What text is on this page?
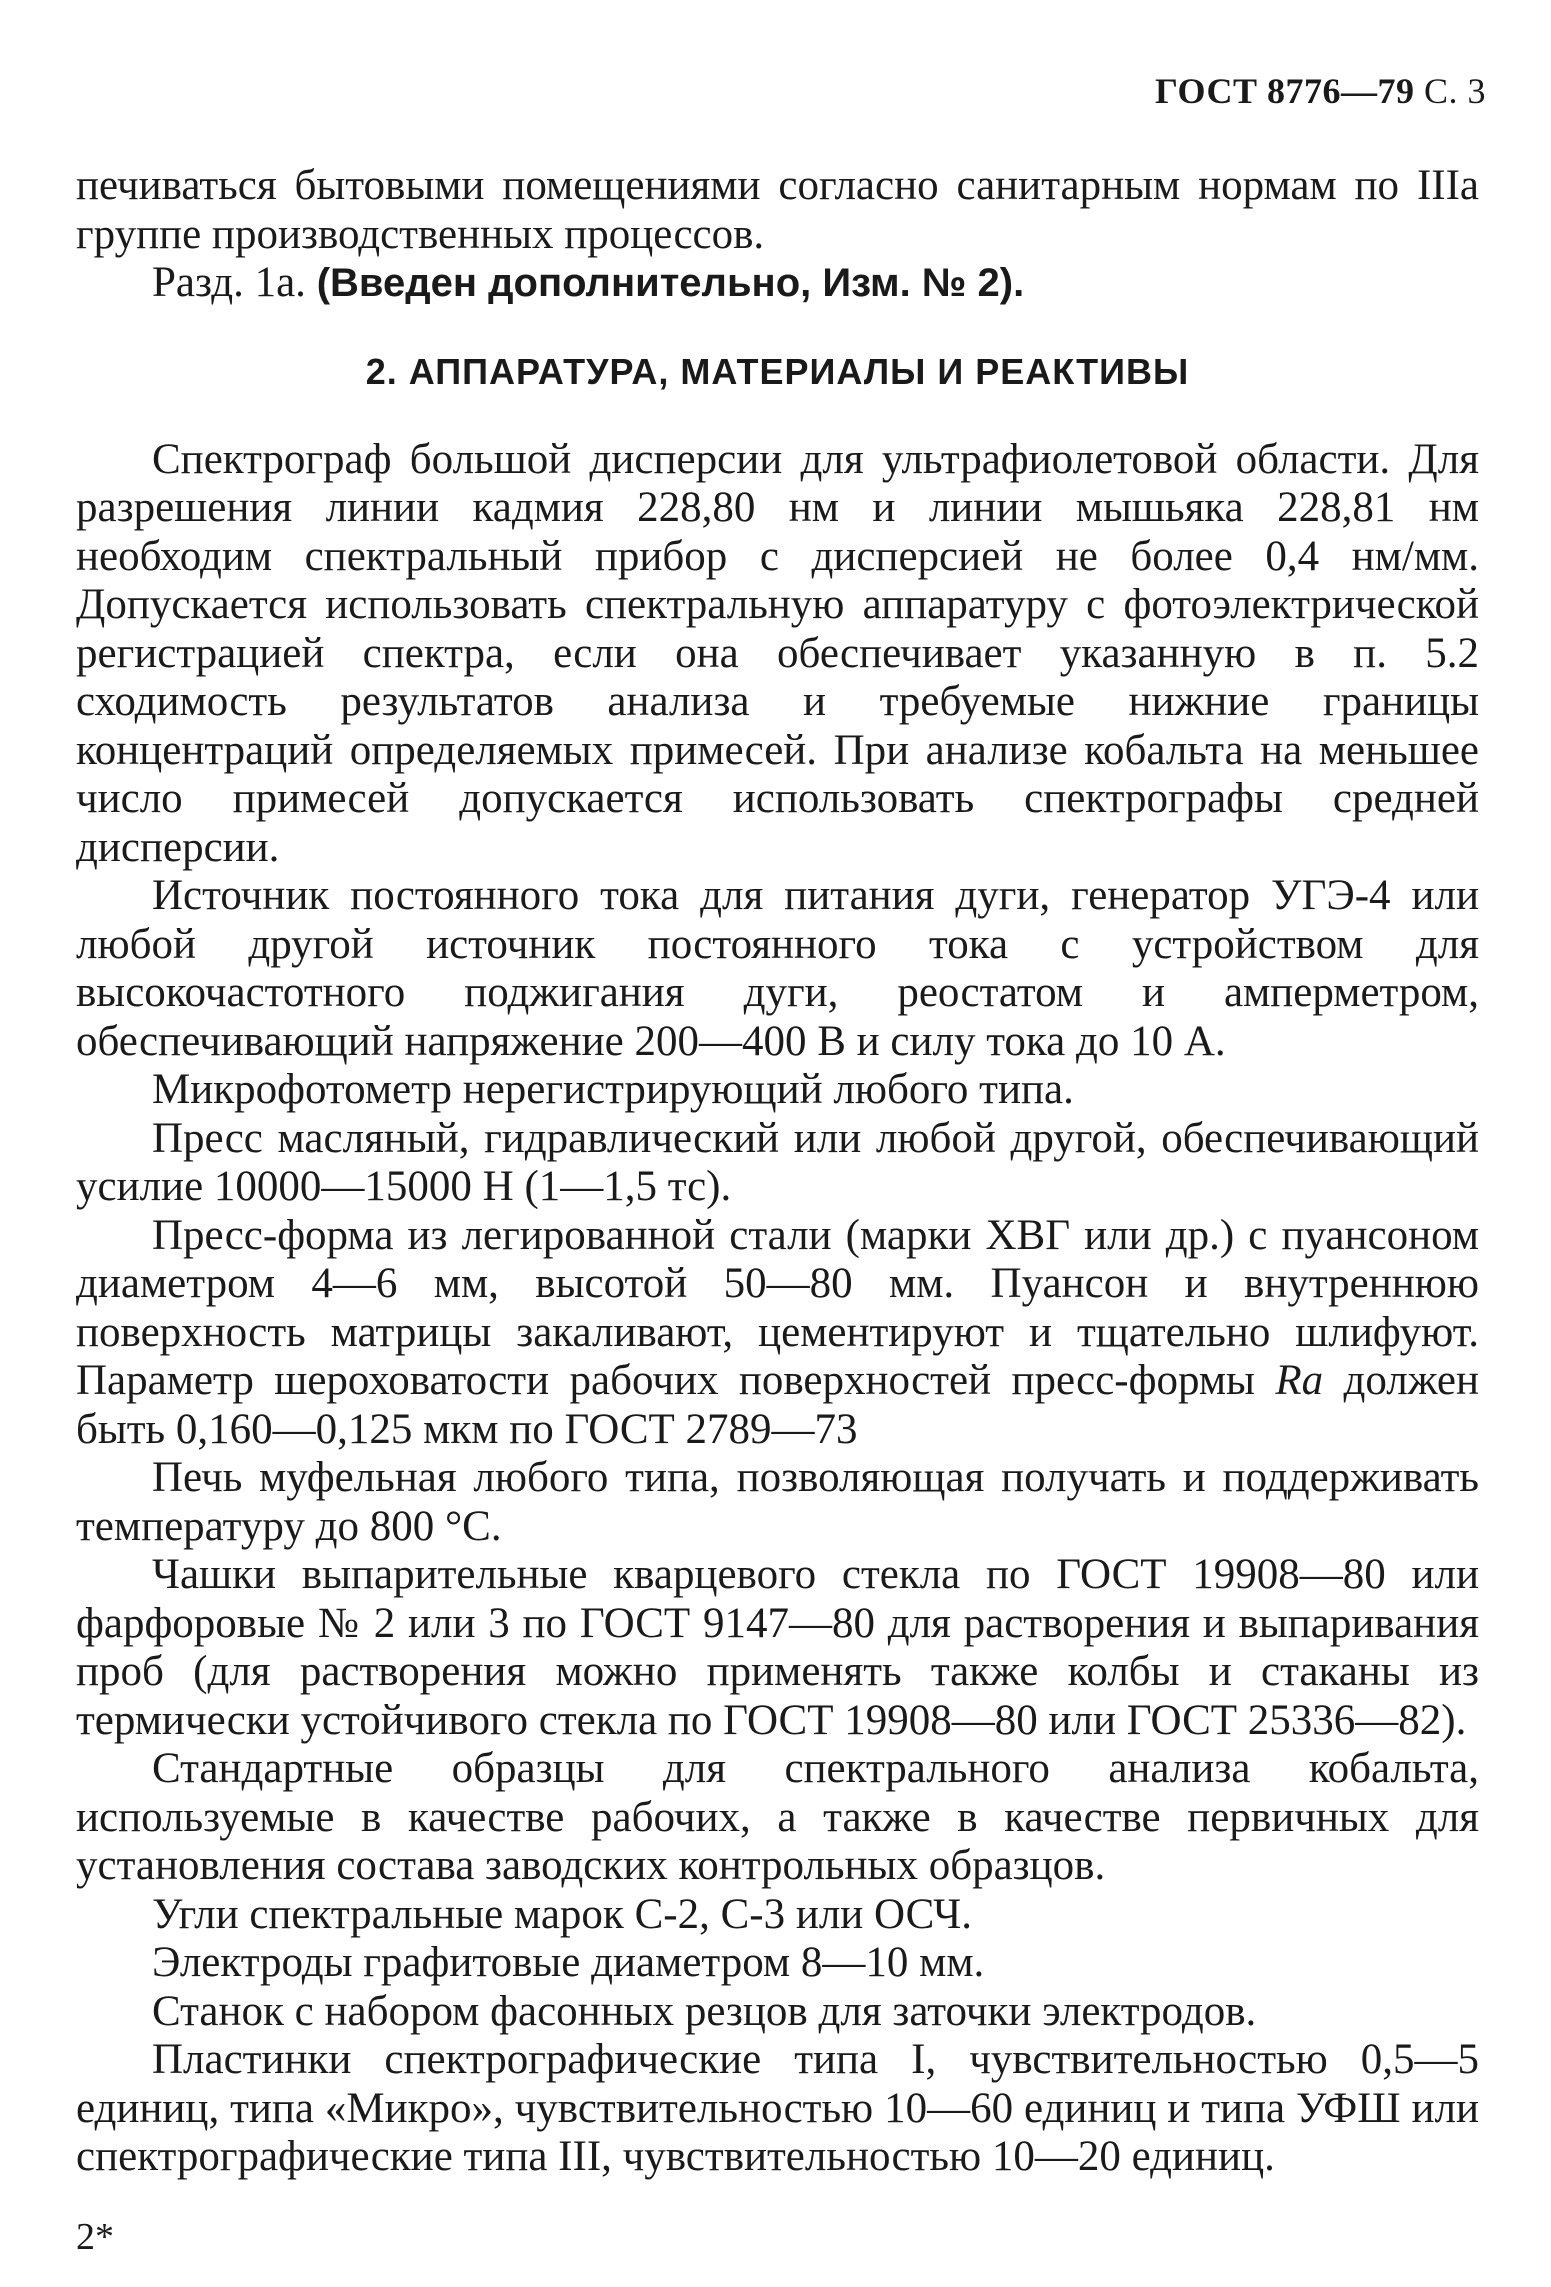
ГОСТ 8776—79 С. 3

печиваться бытовыми помещениями согласно санитарным нормам по IIIа группе производственных процессов.

Разд. 1а. (Введен дополнительно, Изм. № 2).

2. АППАРАТУРА, МАТЕРИАЛЫ И РЕАКТИВЫ

Спектрограф большой дисперсии для ультрафиолетовой области. Для разрешения линии кадмия 228,80 нм и линии мышьяка 228,81 нм необходим спектральный прибор с дисперсией не более 0,4 нм/мм. Допускается использовать спектральную аппаратуру с фотоэлектрической регистрацией спектра, если она обеспечивает указанную в п. 5.2 сходимость результатов анализа и требуемые нижние границы концентраций определяемых примесей. При анализе кобальта на меньшее число примесей допускается использовать спектрографы средней дисперсии.

Источник постоянного тока для питания дуги, генератор УГЭ-4 или любой другой источник постоянного тока с устройством для высокочастотного поджигания дуги, реостатом и амперметром, обеспечивающий напряжение 200—400 В и силу тока до 10 А.

Микрофотометр нерегистрирующий любого типа.

Пресс масляный, гидравлический или любой другой, обеспечивающий усилие 10000—15000 Н (1—1,5 тс).

Пресс-форма из легированной стали (марки ХВГ или др.) с пуансоном диаметром 4—6 мм, высотой 50—80 мм. Пуансон и внутреннюю поверхность матрицы закаливают, цементируют и тщательно шлифуют. Параметр шероховатости рабочих поверхностей пресс-формы Ra должен быть 0,160—0,125 мкм по ГОСТ 2789—73

Печь муфельная любого типа, позволяющая получать и поддерживать температуру до 800 °С.

Чашки выпарительные кварцевого стекла по ГОСТ 19908—80 или фарфоровые № 2 или 3 по ГОСТ 9147—80 для растворения и выпаривания проб (для растворения можно применять также колбы и стаканы из термически устойчивого стекла по ГОСТ 19908—80 или ГОСТ 25336—82).

Стандартные образцы для спектрального анализа кобальта, используемые в качестве рабочих, а также в качестве первичных для установления состава заводских контрольных образцов.

Угли спектральные марок С-2, С-3 или ОСЧ.

Электроды графитовые диаметром 8—10 мм.

Станок с набором фасонных резцов для заточки электродов.

Пластинки спектрографические типа I, чувствительностью 0,5—5 единиц, типа «Микро», чувствительностью 10—60 единиц и типа УФШ или спектрографические типа III, чувствительностью 10—20 единиц.

2*
